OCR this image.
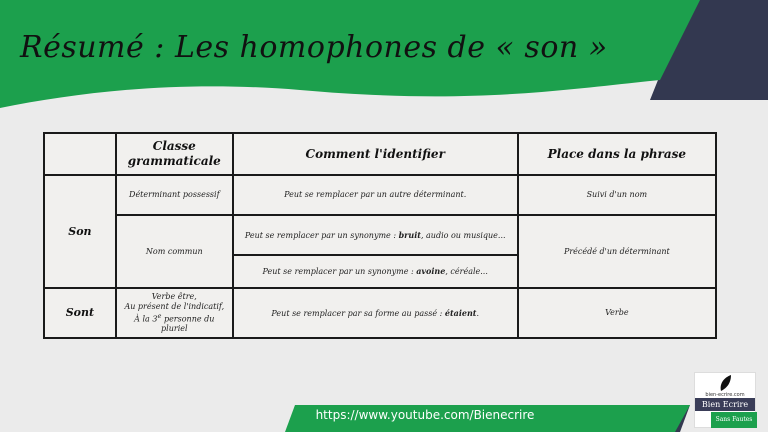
Résumé : Les homophones de « son »
	Classe grammaticale	Comment l'identifier	Place dans la phrase
Son	Déterminant possessif	Peut se remplacer par un autre déterminant.	Suivi d'un nom
	Nom commun	Peut se remplacer par un synonyme : bruit, audio ou musique...	Précédé d'un déterminant
		Peut se remplacer par un synonyme : avoine, céréale...	
Sont	Verbe être,
Au présent de l'indicatif,
À la 3e personne du pluriel	Peut se remplacer par sa forme au passé : étaient.	Verbe
https://www.youtube.com/Bienecrire
bien-ecrire.com
Bien Ecrire
Sans Fautes
